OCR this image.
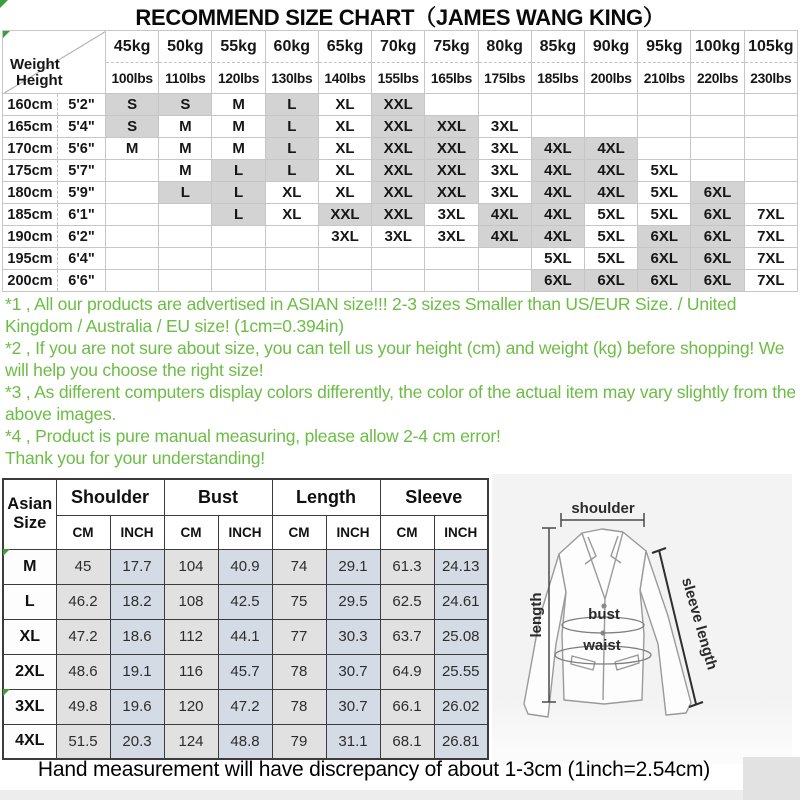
RECOMMEND SIZE CHART（JAMES WANG KING）
Weight
Height		45kg	50kg	55kg	60kg	65kg	70kg	75kg	80kg	85kg	90kg	95kg	100kg	105kg
		100lbs	110lbs	120lbs	130lbs	140lbs	155lbs	165lbs	175lbs	185lbs	200lbs	210lbs	220lbs	230lbs
160cm	5'2"	S	S	M	L	XL	XXL							
165cm	5'4"	S	M	M	L	XL	XXL	XXL	3XL					
170cm	5'6"	M	M	M	L	XL	XXL	XXL	3XL	4XL	4XL			
175cm	5'7"		M	L	L	XL	XXL	XXL	3XL	4XL	4XL	5XL		
180cm	5'9"		L	L	XL	XL	XXL	XXL	3XL	4XL	4XL	5XL	6XL	
185cm	6'1"			L	XL	XXL	XXL	3XL	4XL	4XL	5XL	5XL	6XL	7XL
190cm	6'2"					3XL	3XL	3XL	4XL	4XL	5XL	6XL	6XL	7XL
195cm	6'4"									5XL	5XL	6XL	6XL	7XL
200cm	6'6"									6XL	6XL	6XL	6XL	7XL

*1 , All our products are advertised in ASIAN size!!! 2-3 sizes Smaller than US/EUR Size. / United Kingdom / Australia / EU size! (1cm=0.394in)

*2 , If you are not sure about size, you can tell us your height (cm) and weight (kg) before shopping! We will help you choose the right size!

*3 , As different computers display colors differently, the color of the actual item may vary slightly from the above images.

*4 , Product is pure manual measuring, please allow 2-4 cm error!

Thank you for your understanding!

Asian
Size	Shoulder		Bust		Length		Sleeve	
	CM	INCH	CM	INCH	CM	INCH	CM	INCH
M	45	17.7	104	40.9	74	29.1	61.3	24.13
L	46.2	18.2	108	42.5	75	29.5	62.5	24.61
XL	47.2	18.6	112	44.1	77	30.3	63.7	25.08
2XL	48.6	19.1	116	45.7	78	30.7	64.9	25.55
3XL	49.8	19.6	120	47.2	78	30.7	66.1	26.02
4XL	51.5	20.3	124	48.8	79	31.1	68.1	26.81
shoulder
length	bust
waist	sleeve length
Hand measurement will have discrepancy of about 1-3cm (1inch=2.54cm)
